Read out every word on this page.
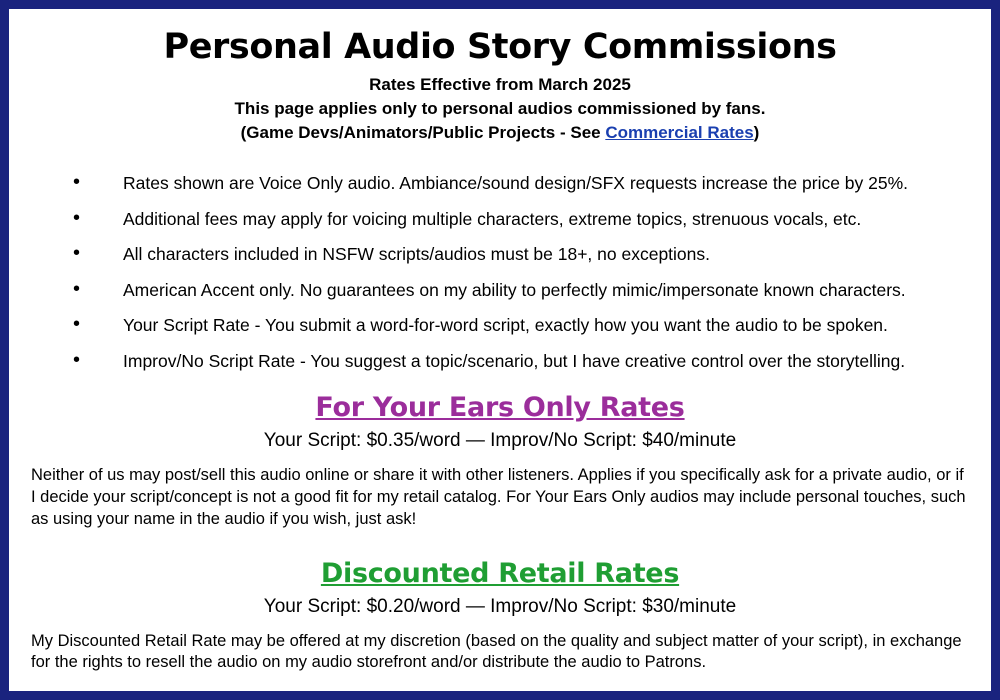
Personal Audio Story Commissions
Rates Effective from March 2025
This page applies only to personal audios commissioned by fans.
(Game Devs/Animators/Public Projects - See Commercial Rates)
• Rates shown are Voice Only audio. Ambiance/sound design/SFX requests increase the price by 25%.
• Additional fees may apply for voicing multiple characters, extreme topics, strenuous vocals, etc.
• All characters included in NSFW scripts/audios must be 18+, no exceptions.
• American Accent only. No guarantees on my ability to perfectly mimic/impersonate known characters.
• Your Script Rate - You submit a word-for-word script, exactly how you want the audio to be spoken.
• Improv/No Script Rate - You suggest a topic/scenario, but I have creative control over the storytelling.
For Your Ears Only Rates
Your Script: $0.35/word — Improv/No Script: $40/minute
Neither of us may post/sell this audio online or share it with other listeners. Applies if you specifically ask for a private audio, or if I decide your script/concept is not a good fit for my retail catalog. For Your Ears Only audios may include personal touches, such as using your name in the audio if you wish, just ask!
Discounted Retail Rates
Your Script: $0.20/word — Improv/No Script: $30/minute
My Discounted Retail Rate may be offered at my discretion (based on the quality and subject matter of your script), in exchange for the rights to resell the audio on my audio storefront and/or distribute the audio to Patrons.
